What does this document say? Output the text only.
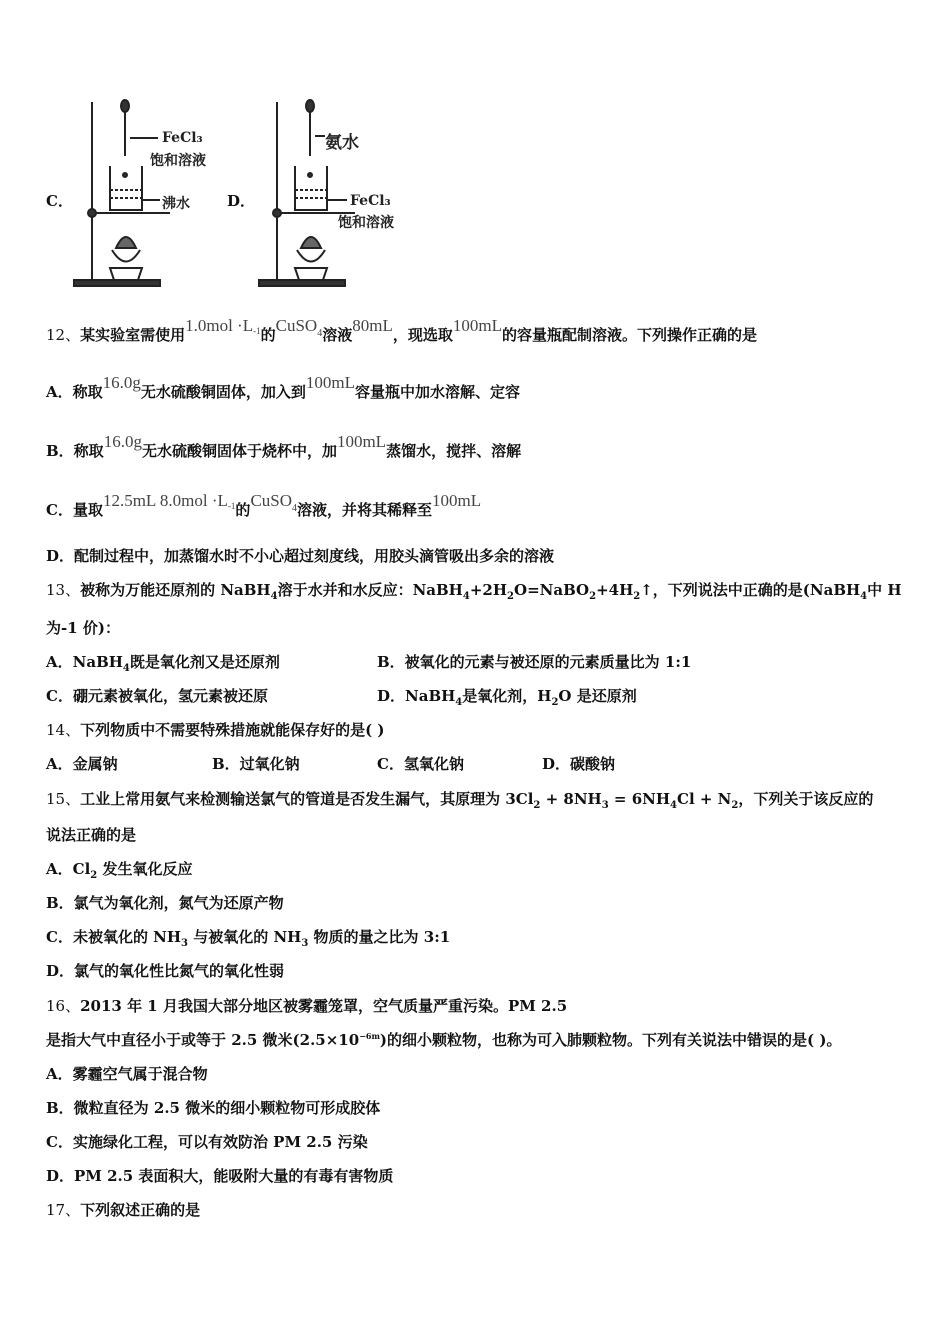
C．	D．
FeCl₃
饱和溶液
沸水
氨水
FeCl₃
饱和溶液
12、某实验室需使用$1.0mol \cdot L^{-1}$的CuSO$^4$溶液80mL，现选取100mL的容量瓶配制溶液。下列操作正确的是
A．称取16.0g无水硫酸铜固体，加入到100mL容量瓶中加水溶解、定容
B．称取16.0g无水硫酸铜固体于烧杯中，加100mL蒸馏水，搅拌、溶解
C．量取12.5mL $8.0mol \cdot L^{-1}$的CuSO$^4$溶液，并将其稀释至100mL
D．配制过程中，加蒸馏水时不小心超过刻度线，用胶头滴管吸出多余的溶液
13、被称为万能还原剂的 NaBH$_4$溶于水并和水反应：$NaBH_4+2H_2O=NaBO_2+4H_2↑$，下列说法中正确的是(NaBH$_4$中 H
为-1 价)：
A．NaBH$_4$既是氧化剂又是还原剂	B．被氧化的元素与被还原的元素质量比为 1:1
C．硼元素被氧化，氢元素被还原	D．NaBH$_4$是氧化剂，$H_2O$ 是还原剂
14、下列物质中不需要特殊措施就能保存好的是( )
A．金属钠	B．过氧化钠	C．氢氧化钠	D．碳酸钠
15、工业上常用氨气来检测输送氯气的管道是否发生漏气，其原理为 $3Cl_2 + 8NH_3 = 6NH_4Cl + N_2$，下列关于该反应的
说法正确的是
A．$Cl_2$ 发生氧化反应
B．氯气为氧化剂，氮气为还原产物
C．未被氧化的 $NH_3$ 与被氧化的 $NH_3$ 物质的量之比为 3:1
D．氯气的氧化性比氮气的氧化性弱
16、2013 年 1 月我国大部分地区被雾霾笼罩，空气质量严重污染。PM 2.5
是指大气中直径小于或等于 2.5 微米$(2.5\times 10^{-6m})$的细小颗粒物，也称为可入肺颗粒物。下列有关说法中错误的是( )。
A．雾霾空气属于混合物
B．微粒直径为 2.5 微米的细小颗粒物可形成胶体
C．实施绿化工程，可以有效防治 PM 2.5 污染
D．PM 2.5 表面积大，能吸附大量的有毒有害物质
17、下列叙述正确的是
